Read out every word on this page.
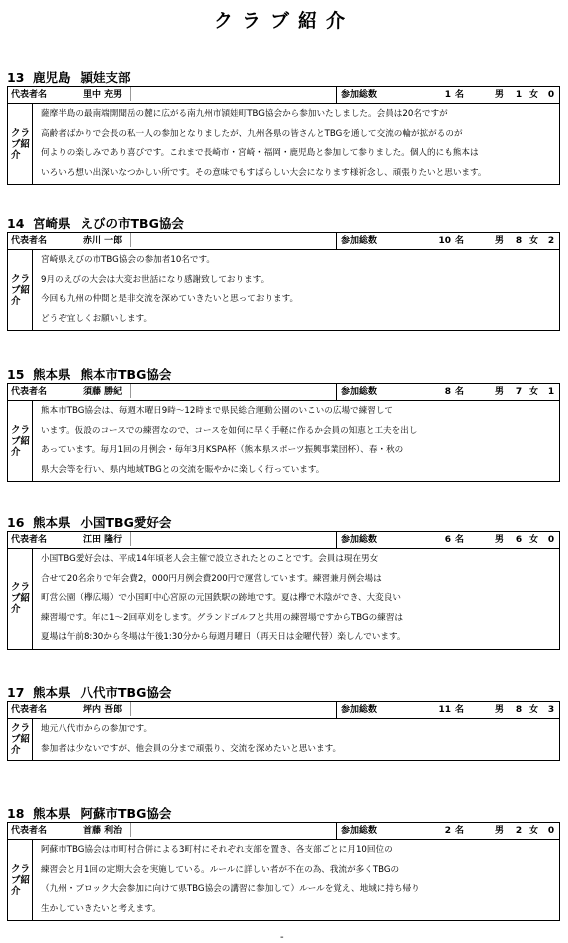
クラブ紹介
13 鹿児島 頴娃支部
代表者名	里中 充男	参加総数	1 名	男	1 女	0
クラブ紹介

薩摩半島の最南端開聞岳の麓に広がる南九州市頴娃町TBG協会から参加いたしました。会員は20名ですが

高齢者ばかりで会長の私一人の参加となりましたが、九州各県の皆さんとTBGを通して交流の輪が拡がるのが

何よりの楽しみであり喜びです。これまで長崎市・宮崎・福岡・鹿児島と参加して参りました。個人的にも熊本は

いろいろ想い出深いなつかしい所です。その意味でもすばらしい大会になります様祈念し、頑張りたいと思います。

14 宮崎県 えびの市TBG協会
代表者名	赤川 一郎	参加総数	10 名	男	8 女	2
クラブ紹介

宮崎県えびの市TBG協会の参加者10名です。

9月のえびの大会は大変お世話になり感謝致しております。

今回も九州の仲間と是非交流を深めていきたいと思っております。

どうぞ宜しくお願いします。

15 熊本県 熊本市TBG協会
代表者名	須藤 勝紀	参加総数	8 名	男	7 女	1
クラブ紹介

熊本市TBG協会は、毎週木曜日9時～12時まで県民総合運動公園のいこいの広場で練習して

います。仮設のコースでの練習なので、コースを如何に早く手軽に作るか会員の知恵と工夫を出し

あっています。毎月1回の月例会・毎年3月KSPA杯（熊本県スポーツ振興事業団杯）、春・秋の

県大会等を行い、県内地域TBGとの交流を賑やかに楽しく行っています。

16 熊本県 小国TBG愛好会
代表者名	江田 隆行	参加総数	6 名	男	6 女	0
クラブ紹介

小国TBG愛好会は、平成14年頃老人会主催で設立されたとのことです。会員は現在男女

合せて20名余りで年会費2，000円月例会費200円で運営しています。練習兼月例会場は

町営公園（欅広場）で小国町中心宮原の元国鉄駅の跡地です。夏は欅で木陰ができ、大変良い

練習場です。年に1～2回草刈をします。グランドゴルフと共用の練習場ですからTBGの練習は

夏場は午前8:30から冬場は午後1:30分から毎週月曜日（再天日は金曜代替）楽しんでいます。

17 熊本県 八代市TBG協会
代表者名	坪内 吾郎	参加総数	11 名	男	8 女	3
クラブ紹介

地元八代市からの参加です。

参加者は少ないですが、他会員の分まで頑張り、交流を深めたいと思います。

18 熊本県 阿蘇市TBG協会
代表者名	首藤 利治	参加総数	2 名	男	2 女	0
クラブ紹介

阿蘇市TBG協会は市町村合併による3町村にそれぞれ支部を置き、各支部ごとに月10回位の

練習会と月1回の定期大会を実施している。ルールに詳しい者が不在の為、我流が多くTBGの

（九州・ブロック大会参加に向けて県TBG協会の講習に参加して）ルールを覚え、地域に持ち帰り

生かしていきたいと考えます。

-
